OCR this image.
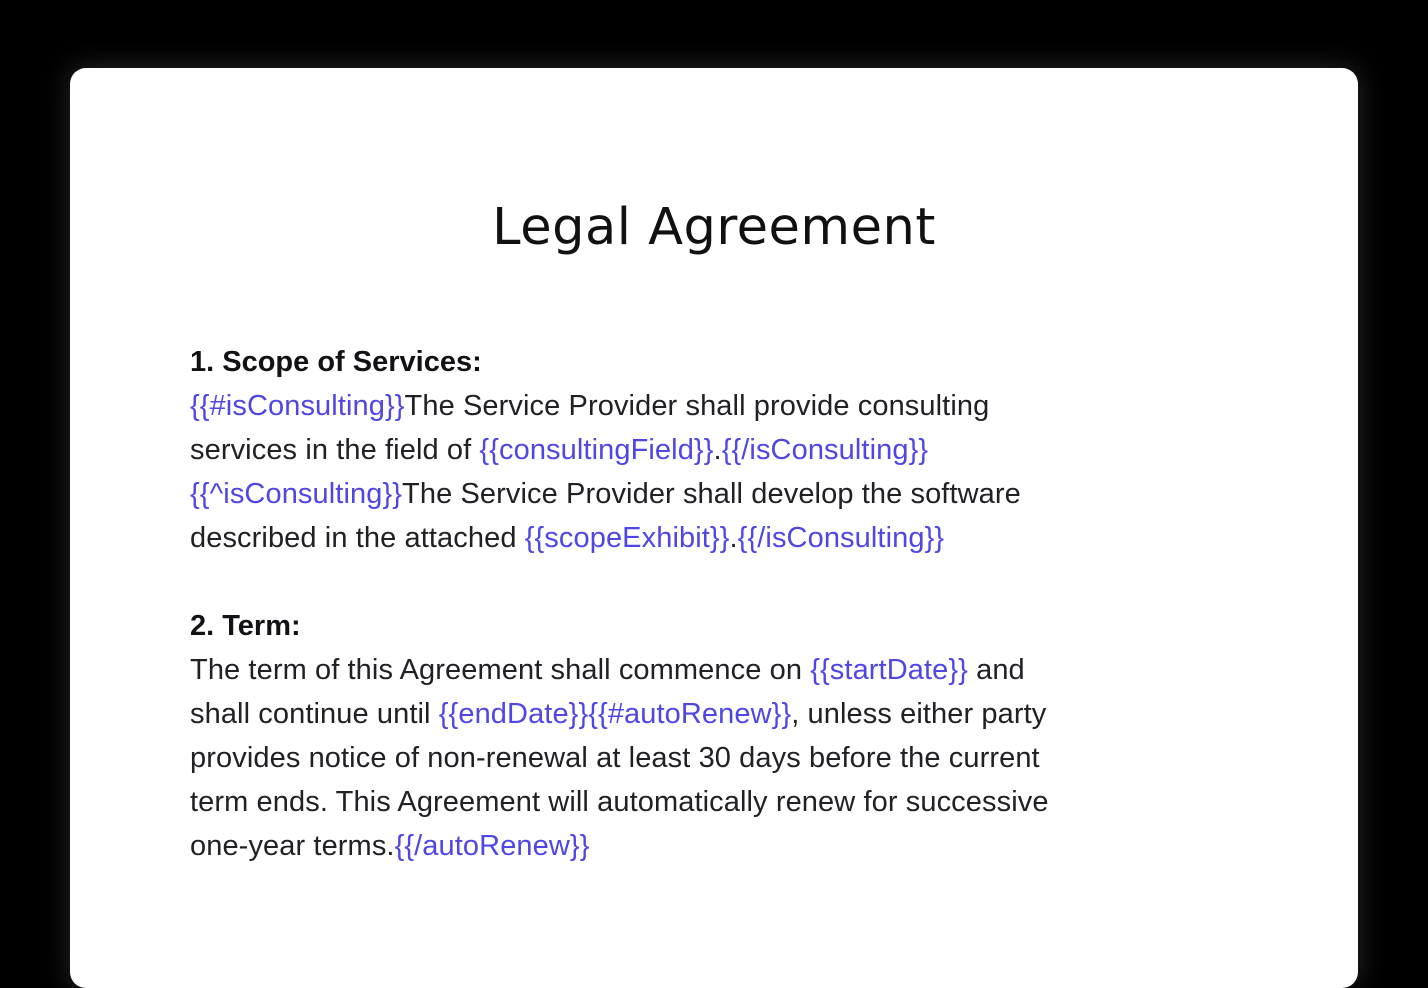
Legal Agreement
1. Scope of Services:
{{#isConsulting}}The Service Provider shall provide consulting
services in the field of {{consultingField}}.{{/isConsulting}}
{{^isConsulting}}The Service Provider shall develop the software
described in the attached {{scopeExhibit}}.{{/isConsulting}}
2. Term:
The term of this Agreement shall commence on {{startDate}} and
shall continue until {{endDate}}{{#autoRenew}}, unless either party
provides notice of non-renewal at least 30 days before the current
term ends. This Agreement will automatically renew for successive
one-year terms.{{/autoRenew}}
